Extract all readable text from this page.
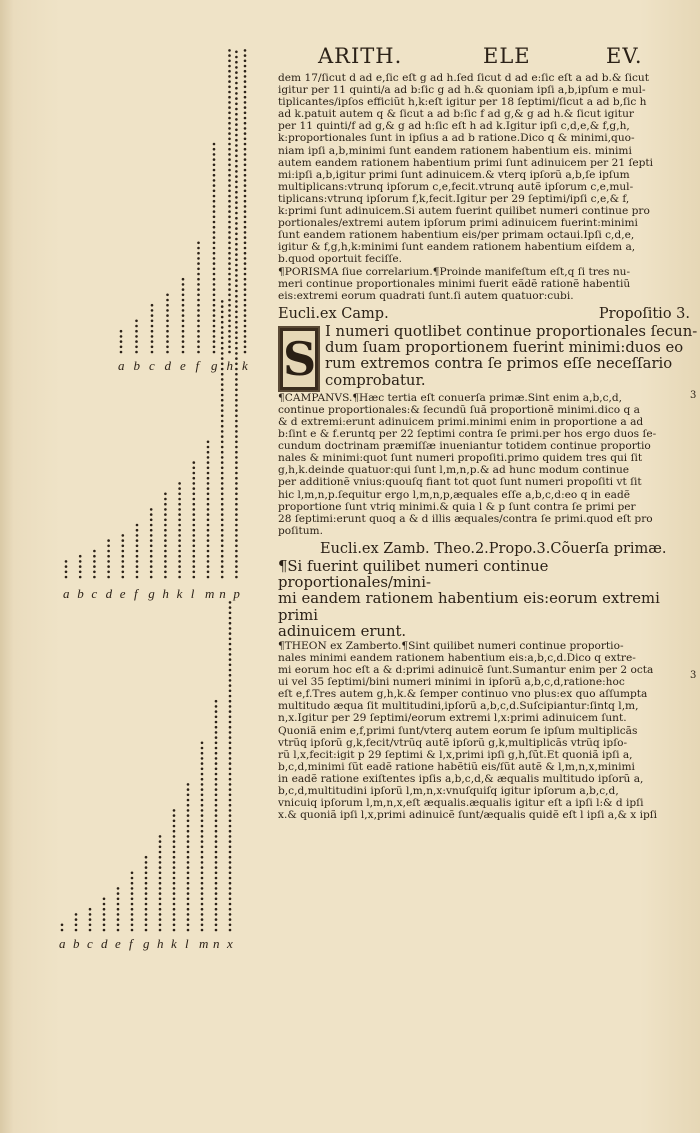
a b c d e f g h k
a b c d e f g h k l m n p
a b c d e f g h k l m n x
ARITH.	ELE	EV.
dem 17/ſicut d ad e,ſic eſt g ad h.ſed ſicut d ad e:ſic eſt a ad b.& ſicut
igitur per 11 quinti/a ad b:ſic g ad h.& quoniam ipſi a,b,ipſum e mul-
tiplicantes/ipſos efficiũt h,k:eſt igitur per 18 ſeptimi/ſicut a ad b,ſic h
ad k.patuit autem q & ſicut a ad b:ſic f ad g,& g ad h.& ſicut igitur
per 11 quinti/f ad g,& g ad h:ſic eſt h ad k.Igitur ipſi c,d,e,& f,g,h,
k:proportionales ſunt in ipſius a ad b ratione.Dico q & minimi,quo-
niam ipſi a,b,minimi ſunt eandem rationem habentium eis. minimi
autem eandem rationem habentium primi ſunt adinuicem per 21 ſepti
mi:ipſi a,b,igitur primi ſunt adinuicem.& vterq ipſorũ a,b,ſe ipſum
multiplicans:vtrunq ipſorum c,e,fecit.vtrunq autẽ ipſorum c,e,mul-
tiplicans:vtrunq ipſorum f,k,fecit.Igitur per 29 ſeptimi/ipſi c,e,& f,
k:primi ſunt adinuicem.Si autem fuerint quilibet numeri continue pro
portionales/extremi autem ipſorum primi adinuicem fuerint:minimi
ſunt eandem rationem habentium eis/per primam octaui.Ipſi c,d,e,
igitur & f,g,h,k:minimi ſunt eandem rationem habentium eiſdem a,
b.quod oportuit feciſſe.
¶PORISMA ſiue correlarium.¶Proinde manifeſtum eſt,q ſi tres nu-
meri continue proportionales minimi fuerit eãdẽ rationẽ habentiũ
eis:extremi eorum quadrati ſunt.ſi autem quatuor:cubi.
Eucli.ex Camp.	Propoſitio 3.
S
I numeri quotlibet continue proportionales ſecun-
dum ſuam proportionem fuerint minimi:duos eo
rum extremos contra ſe primos eſſe neceſſario
comprobatur.
¶CAMPANVS.¶Hæc tertia eſt conuerſa primæ.Sint enim a,b,c,d,
continue proportionales:& ſecundũ ſuã proportionẽ minimi.dico q a
& d extremi:erunt adinuicem primi.minimi enim in proportione a ad
b:ſint e & f.eruntq per 22 ſeptimi contra ſe primi.per hos ergo duos ſe-
cundum doctrinam præmiſſæ inueniantur totidem continue proportio
nales & minimi:quot ſunt numeri propoſiti.primo quidem tres qui ſit
g,h,k.deinde quatuor:qui ſunt l,m,n,p.& ad hunc modum continue
per additionẽ vnius:quouſq fiant tot quot ſunt numeri propoſiti vt ſit
hic l,m,n,p.ſequitur ergo l,m,n,p,æquales eſſe a,b,c,d:eo q in eadẽ
proportione ſunt vtriq minimi.& quia l & p ſunt contra ſe primi per
28 ſeptimi:erunt quoq a & d illis æquales/contra ſe primi.quod eſt pro
poſitum.
Eucli.ex Zamb. Theo.2.Propo.3.Cõuerſa primæ.
¶Si fuerint quilibet numeri continue proportionales/mini-
mi eandem rationem habentium eis:eorum extremi primi
adinuicem erunt.
¶THEON ex Zamberto.¶Sint quilibet numeri continue proportio-
nales minimi eandem rationem habentium eis:a,b,c,d.Dico q extre-
mi eorum hoc eſt a & d:primi adinuicẽ ſunt.Sumantur enim per 2 octa
ui vel 35 ſeptimi/bini numeri minimi in ipſorũ a,b,c,d,ratione:hoc
eſt e,f.Tres autem g,h,k.& ſemper continuo vno plus:ex quo aſſumpta
multitudo æqua ſit multitudini,ipſorũ a,b,c,d.Suſcipiantur:ſintq l,m,
n,x.Igitur per 29 ſeptimi/eorum extremi l,x:primi adinuicem ſunt.
Quoniã enim e,f,primi ſunt/vterq autem eorum ſe ipſum multiplicãs
vtrũq ipſorũ g,k,fecit/vtrũq autẽ ipſorũ g,k,multiplicãs vtrũq ipſo-
rũ l,x,fecit:igit p 29 ſeptimi & l,x,primi ipſi g,h,ſũt.Et quoniã ipſi a,
b,c,d,minimi ſũt eadẽ ratione habẽtiũ eis/ſũt autẽ & l,m,n,x,minimi
in eadẽ ratione exiſtentes ipſis a,b,c,d,& æqualis multitudo ipſorũ a,
b,c,d,multitudini ipſorũ l,m,n,x:vnuſquiſq igitur ipſorum a,b,c,d,
vnicuiq ipſorum l,m,n,x,eſt æqualis.æqualis igitur eſt a ipſi l:& d ipſi
x.& quoniã ipſi l,x,primi adinuicẽ ſunt/æqualis quidẽ eſt l ipſi a,& x ipſi
3
3
